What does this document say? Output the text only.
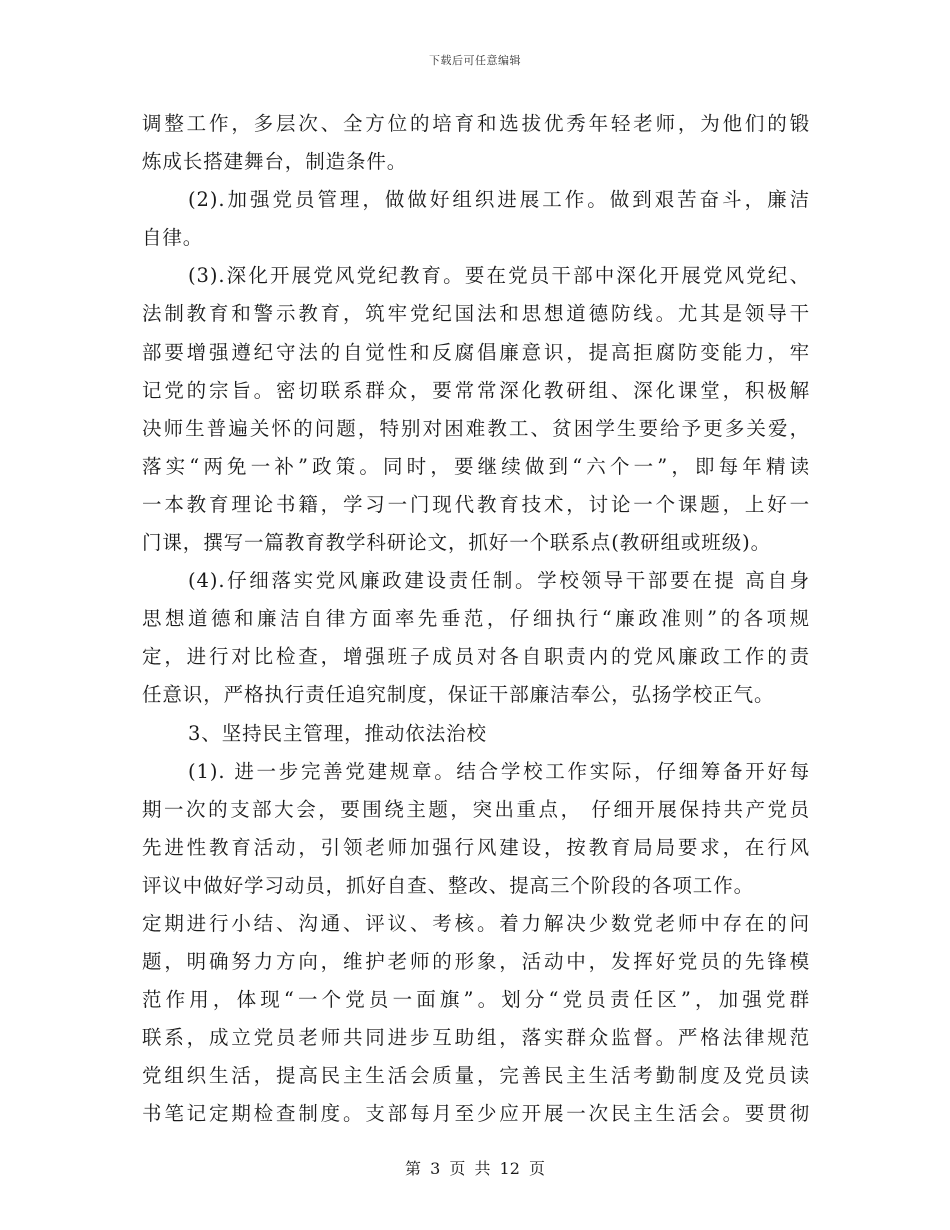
下载后可任意编辑
调整工作，多层次、全方位的培育和选拔优秀年轻老师，为他们的锻
炼成长搭建舞台，制造条件。
(2).加强党员管理，做做好组织进展工作。做到艰苦奋斗，廉洁
自律。
(3).深化开展党风党纪教育。要在党员干部中深化开展党风党纪、
法制教育和警示教育，筑牢党纪国法和思想道德防线。尤其是领导干
部要增强遵纪守法的自觉性和反腐倡廉意识，提高拒腐防变能力，牢
记党的宗旨。密切联系群众，要常常深化教研组、深化课堂，积极解
决师生普遍关怀的问题，特别对困难教工、贫困学生要给予更多关爱，
落实“两免一补”政策。同时，要继续做到“六个一”，即每年精读
一本教育理论书籍，学习一门现代教育技术，讨论一个课题，上好一
门课，撰写一篇教育教学科研论文，抓好一个联系点(教研组或班级)。
(4).仔细落实党风廉政建设责任制。学校领导干部要在提 高自身
思想道德和廉洁自律方面率先垂范，仔细执行“廉政准则”的各项规
定，进行对比检查，增强班子成员对各自职责内的党风廉政工作的责
任意识，严格执行责任追究制度，保证干部廉洁奉公，弘扬学校正气。
3、坚持民主管理，推动依法治校
(1). 进一步完善党建规章。结合学校工作实际，仔细筹备开好每
期一次的支部大会，要围绕主题，突出重点， 仔细开展保持共产党员
先进性教育活动，引领老师加强行风建设，按教育局局要求，在行风
评议中做好学习动员，抓好自查、整改、提高三个阶段的各项工作。
定期进行小结、沟通、评议、考核。着力解决少数党老师中存在的问
题，明确努力方向，维护老师的形象，活动中，发挥好党员的先锋模
范作用，体现“一个党员一面旗”。划分“党员责任区”，加强党群
联系，成立党员老师共同进步互助组，落实群众监督。严格法律规范
党组织生活，提高民主生活会质量，完善民主生活考勤制度及党员读
书笔记定期检查制度。支部每月至少应开展一次民主生活会。要贯彻
第 3 页 共 12 页
